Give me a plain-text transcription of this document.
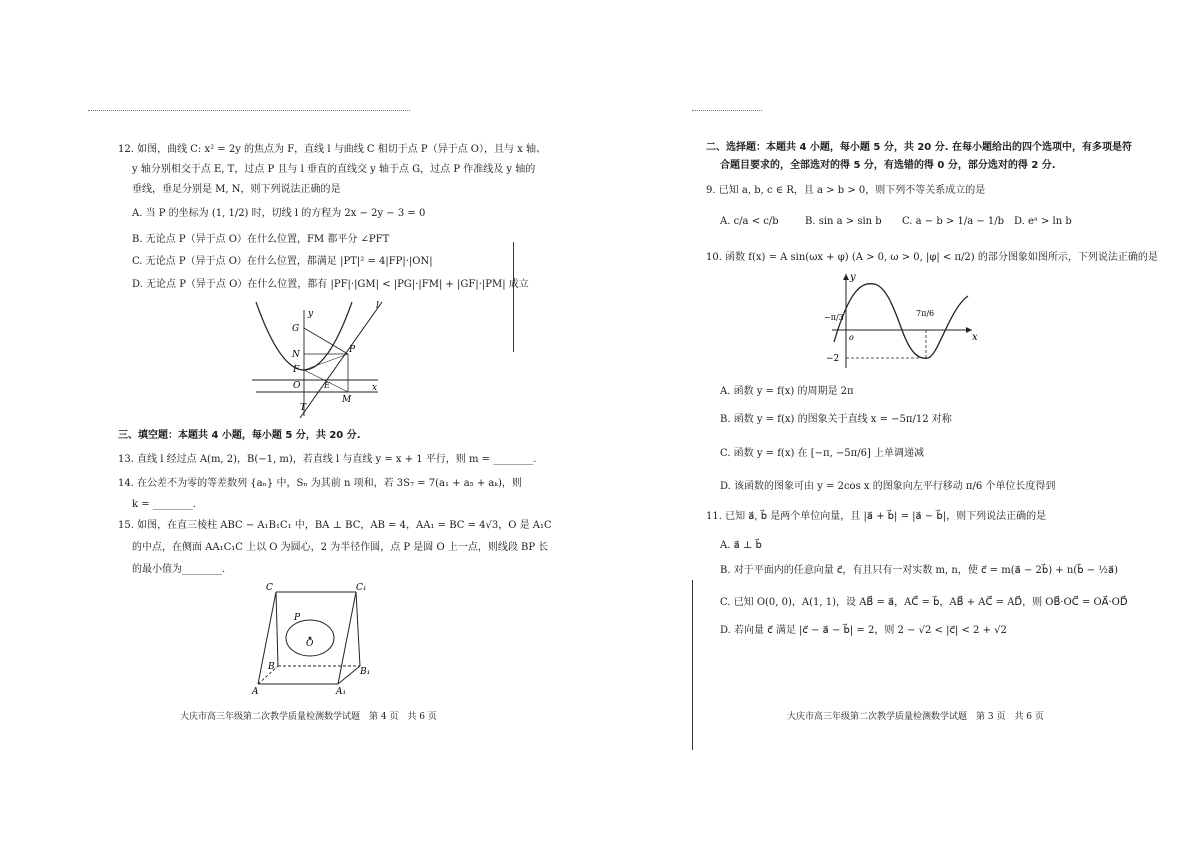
12. 如图，曲线 C: x² = 2y 的焦点为 F，直线 l 与曲线 C 相切于点 P（异于点 O），且与 x 轴、
y 轴分别相交于点 E, T，过点 P 且与 l 垂直的直线交 y 轴于点 G，过点 P 作准线及 y 轴的
垂线，垂足分别是 M, N，则下列说法正确的是
A. 当 P 的坐标为 (1, 1/2) 时，切线 l 的方程为 2x − 2y − 3 = 0
B. 无论点 P（异于点 O）在什么位置，FM 都平分 ∠PFT
C. 无论点 P（异于点 O）在什么位置，都满足 |PT|² = 4|FP|·|ON|
D. 无论点 P（异于点 O）在什么位置，都有 |PF|·|GM| < |PG|·|FM| + |GF|·|PM| 成立
y
l
G
N	P
F
O	E	x
T
M
三、填空题：本题共 4 小题，每小题 5 分，共 20 分.
13. 直线 l 经过点 A(m, 2)，B(−1, m)，若直线 l 与直线 y = x + 1 平行，则 m = ________.
14. 在公差不为零的等差数列 {aₙ} 中，Sₙ 为其前 n 项和，若 3S₇ = 7(a₁ + a₅ + aₖ)，则
k = ________.
15. 如图，在直三棱柱 ABC − A₁B₁C₁ 中，BA ⊥ BC，AB = 4，AA₁ = BC = 4√3，O 是 A₁C
的中点，在侧面 AA₁C₁C 上以 O 为圆心，2 为半径作圆，点 P 是圆 O 上一点，则线段 BP 长
的最小值为________.
C	C₁
P
O
B	B₁
A	A₁
大庆市高三年级第二次教学质量检测数学试题　第 4 页　共 6 页
二、选择题：本题共 4 小题，每小题 5 分，共 20 分. 在每小题给出的四个选项中，有多项是符
合题目要求的，全部选对的得 5 分，有选错的得 0 分，部分选对的得 2 分.
9. 已知 a, b, c ∈ R，且 a > b > 0，则下列不等关系成立的是
A. c/a < c/b	B. sin a > sin b C. a − b > 1/a − 1/b D. eᵃ > ln b
10. 函数 f(x) = A sin(ωx + φ) (A > 0, ω > 0, |φ| < π/2) 的部分图象如图所示，下列说法正确的是
y
x
o
−π/3	7π/6
−2
A. 函数 y = f(x) 的周期是 2π
B. 函数 y = f(x) 的图象关于直线 x = −5π/12 对称
C. 函数 y = f(x) 在 [−π, −5π/6] 上单调递减
D. 该函数的图象可由 y = 2cos x 的图象向左平行移动 π/6 个单位长度得到
11. 已知 a⃗, b⃗ 是两个单位向量，且 |a⃗ + b⃗| = |a⃗ − b⃗|，则下列说法正确的是
A. a⃗ ⊥ b⃗
B. 对于平面内的任意向量 c⃗，有且只有一对实数 m, n，使 c⃗ = m(a⃗ − 2b⃗) + n(b⃗ − ½a⃗)
C. 已知 O(0, 0)，A(1, 1)，设 AB⃗ = a⃗，AC⃗ = b⃗，AB⃗ + AC⃗ = AD⃗，则 OB⃗·OC⃗ = OA⃗·OD⃗
D. 若向量 c⃗ 满足 |c⃗ − a⃗ − b⃗| = 2，则 2 − √2 < |c⃗| < 2 + √2
大庆市高三年级第二次教学质量检测数学试题　第 3 页　共 6 页
